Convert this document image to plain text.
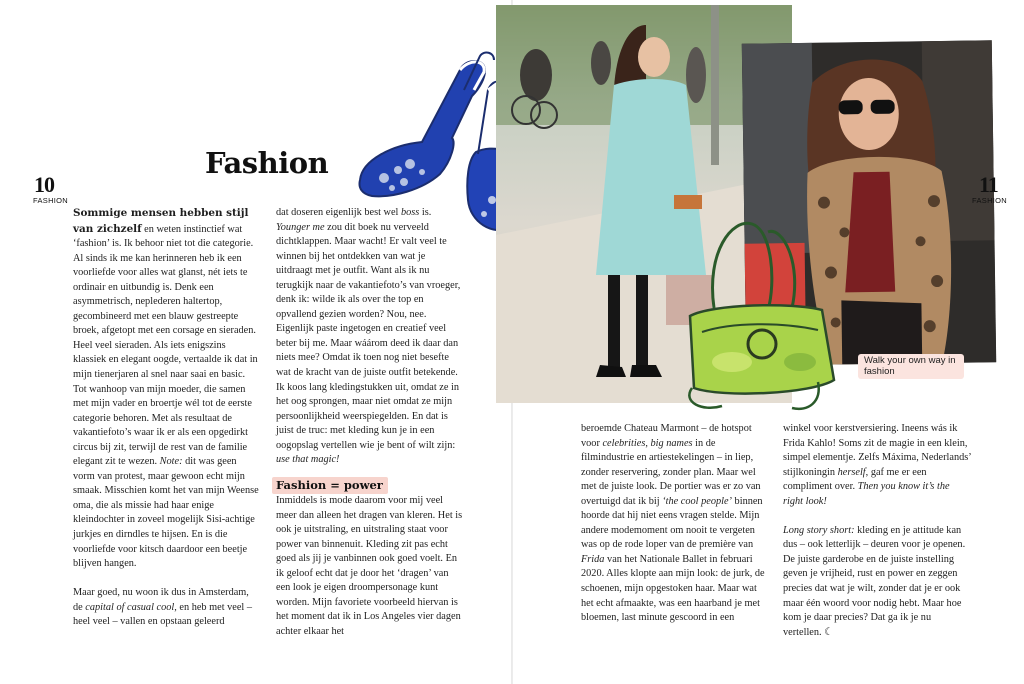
10
FASHION
Fashion

Sommige mensen hebben stijl van zichzelf en weten instinctief wat ‘fashion’ is. Ik behoor niet tot die categorie. Al sinds ik me kan herinneren heb ik een voorliefde voor alles wat glanst, nét iets te ordinair en uitbundig is. Denk een asymmetrisch, neplederen haltertop, gecombineerd met een blauw gestreepte broek, afgetopt met een corsage en sieraden. Heel veel sieraden. Als iets enigszins klassiek en elegant oogde, vertaalde ik dat in mijn tienerjaren al snel naar saai en basic. Tot wanhoop van mijn moeder, die samen met mijn vader en broertje wél tot de eerste categorie behoren. Met als resultaat de vakantiefoto’s waar ik er als een opgedirkt circus bij zit, terwijl de rest van de familie elegant zit te wezen. Note: dit was geen vorm van protest, maar gewoon echt mijn smaak. Misschien komt het van mijn Weense oma, die als missie had haar enige kleindochter in zoveel mogelijk Sisi-achtige jurkjes en dirndles te hijsen. En is die voorliefde voor kitsch daardoor een beetje blijven hangen.

Maar goed, nu woon ik dus in Amsterdam, de capital of casual cool, en heb met veel – heel veel – vallen en opstaan geleerd

dat doseren eigenlijk best wel boss is. Younger me zou dit boek nu verveeld dichtklappen. Maar wacht! Er valt veel te winnen bij het ontdekken van wat je uitdraagt met je outfit. Want als ik nu terugkijk naar de vakantiefoto’s van vroeger, denk ik: wilde ik als over the top en opvallend gezien worden? Nou, nee. Eigenlijk paste ingetogen en creatief veel beter bij me. Maar wáárom deed ik daar dan niets mee? Omdat ik toen nog niet besefte wat de kracht van de juiste outfit betekende. Ik koos lang kledingstukken uit, omdat ze in het oog sprongen, maar niet omdat ze mijn persoonlijkheid weerspiegelden. En dat is juist de truc: met kleding kun je in een oogopslag vertellen wie je bent of wilt zijn: use that magic!

Fashion = power

Inmiddels is mode daarom voor mij veel meer dan alleen het dragen van kleren. Het is ook je uitstraling, en uitstraling staat voor power van binnenuit. Kleding zit pas echt goed als jij je vanbinnen ook goed voelt. En ik geloof echt dat je door het ‘dragen’ van een look je eigen droompersonage kunt worden. Mijn favoriete voorbeeld hiervan is het moment dat ik in Los Angeles vier dagen achter elkaar het

Walk your own way in fashion
11
FASHION

beroemde Chateau Marmont – de hotspot voor celebrities, big names in de filmindustrie en artiestekelingen – in liep, zonder reservering, zonder plan. Maar wel met de juiste look. De portier was er zo van overtuigd dat ik bij ‘the cool people’ binnen hoorde dat hij niet eens vragen stelde. Mijn andere modemoment om nooit te vergeten was op de rode loper van de première van Frida van het Nationale Ballet in februari 2020. Alles klopte aan mijn look: de jurk, de schoenen, mijn opgestoken haar. Maar wat het echt afmaakte, was een haarband je met bloemen, last minute gescoord in een

winkel voor kerstversiering. Ineens wás ik Frida Kahlo! Soms zit de magie in een klein, simpel elementje. Zelfs Máxima, Nederlands’ stijlkoningin herself, gaf me er een compliment over. Then you know it’s the right look!

Long story short: kleding en je attitude kan dus – ook letterlijk – deuren voor je openen. De juiste garderobe en de juiste instelling geven je vrijheid, rust en power en zeggen precies dat wat je wilt, zonder dat je er ook maar één woord voor nodig hebt. Maar hoe kom je daar precies? Dat ga ik je nu vertellen. ☾
